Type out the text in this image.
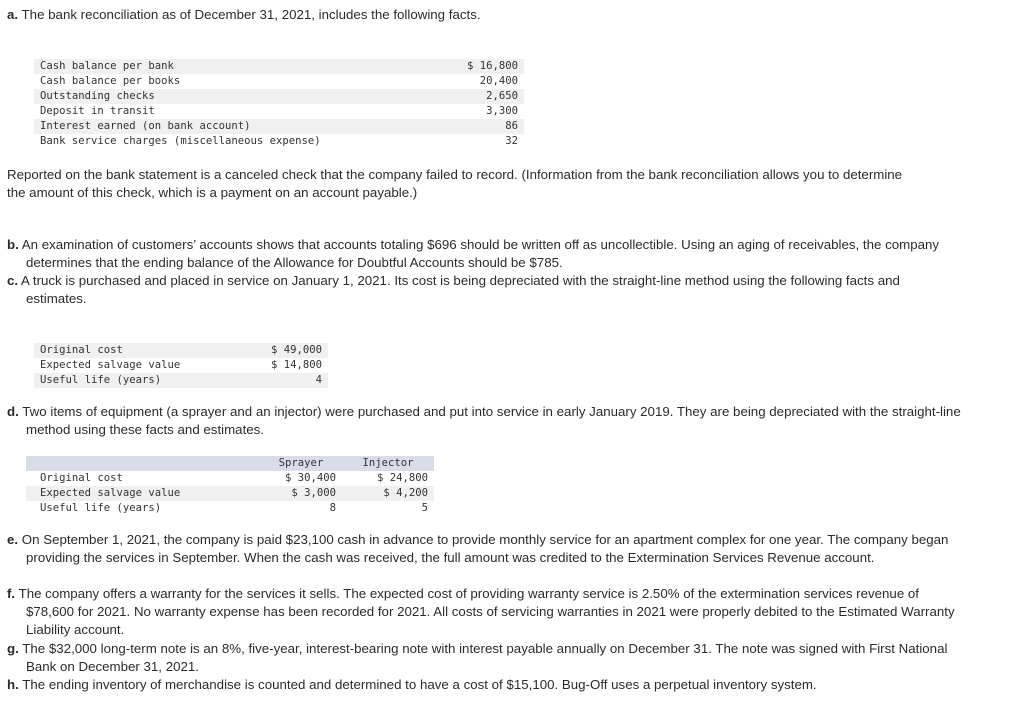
a. The bank reconciliation as of December 31, 2021, includes the following facts.

Cash balance per bank	$ 16,800
Cash balance per books	20,400
Outstanding checks	2,650
Deposit in transit	3,300
Interest earned (on bank account)	86
Bank service charges (miscellaneous expense)	32

Reported on the bank statement is a canceled check that the company failed to record. (Information from the bank reconciliation allows you to determine the amount of this check, which is a payment on an account payable.)

b. An examination of customers’ accounts shows that accounts totaling $696 should be written off as uncollectible. Using an aging of receivables, the company determines that the ending balance of the Allowance for Doubtful Accounts should be $785.

c. A truck is purchased and placed in service on January 1, 2021. Its cost is being depreciated with the straight-line method using the following facts and estimates.

Original cost	$ 49,000
Expected salvage value	$ 14,800
Useful life (years)	4

d. Two items of equipment (a sprayer and an injector) were purchased and put into service in early January 2019. They are being depreciated with the straight-line method using these facts and estimates.

	Sprayer	Injector
Original cost	$ 30,400	$ 24,800
Expected salvage value	$ 3,000	$ 4,200
Useful life (years)	8	5

e. On September 1, 2021, the company is paid $23,100 cash in advance to provide monthly service for an apartment complex for one year. The company began providing the services in September. When the cash was received, the full amount was credited to the Extermination Services Revenue account.

f. The company offers a warranty for the services it sells. The expected cost of providing warranty service is 2.50% of the extermination services revenue of $78,600 for 2021. No warranty expense has been recorded for 2021. All costs of servicing warranties in 2021 were properly debited to the Estimated Warranty Liability account.

g. The $32,000 long-term note is an 8%, five-year, interest-bearing note with interest payable annually on December 31. The note was signed with First National Bank on December 31, 2021.

h. The ending inventory of merchandise is counted and determined to have a cost of $15,100. Bug-Off uses a perpetual inventory system.
